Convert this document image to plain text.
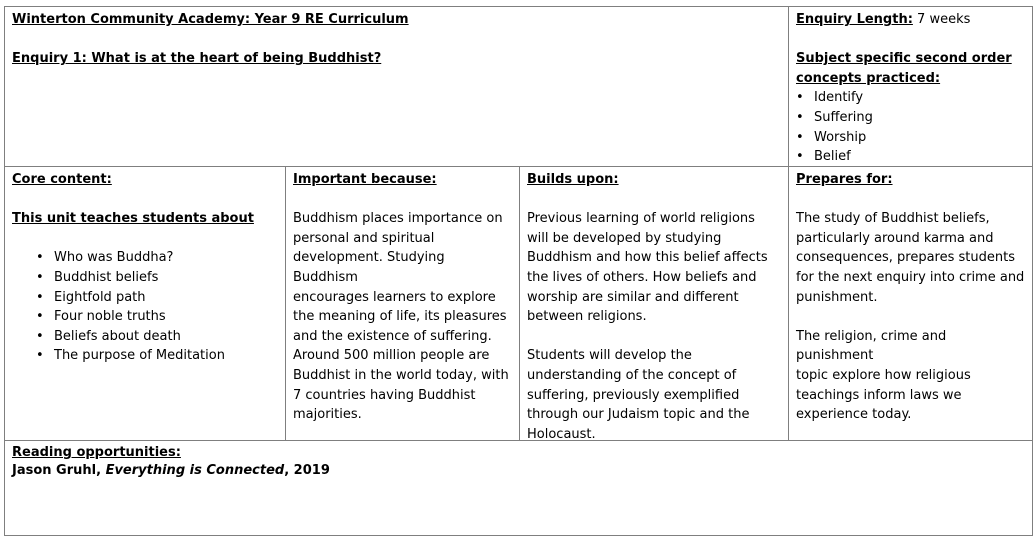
Winterton Community Academy: Year 9 RE Curriculum
Enquiry 1: What is at the heart of being Buddhist?
Enquiry Length: 7 weeks
Subject specific second order
concepts practiced:
• Identify
• Suffering
• Worship
• Belief
Core content:
This unit teaches students about
• Who was Buddha?
• Buddhist beliefs
• Eightfold path
• Four noble truths
• Beliefs about death
• The purpose of Meditation
Important because:
Buddhism places importance on
personal and spiritual
development. Studying Buddhism
encourages learners to explore
the meaning of life, its pleasures
and the existence of suffering.
Around 500 million people are
Buddhist in the world today, with
7 countries having Buddhist
majorities.
Builds upon:
Previous learning of world religions
will be developed by studying
Buddhism and how this belief affects
the lives of others. How beliefs and
worship are similar and different
between religions.
Students will develop the
understanding of the concept of
suffering, previously exemplified
through our Judaism topic and the
Holocaust.
Prepares for:
The study of Buddhist beliefs,
particularly around karma and
consequences, prepares students
for the next enquiry into crime and
punishment.
The religion, crime and punishment
topic explore how religious
teachings inform laws we
experience today.
Reading opportunities:
Jason Gruhl, Everything is Connected, 2019
